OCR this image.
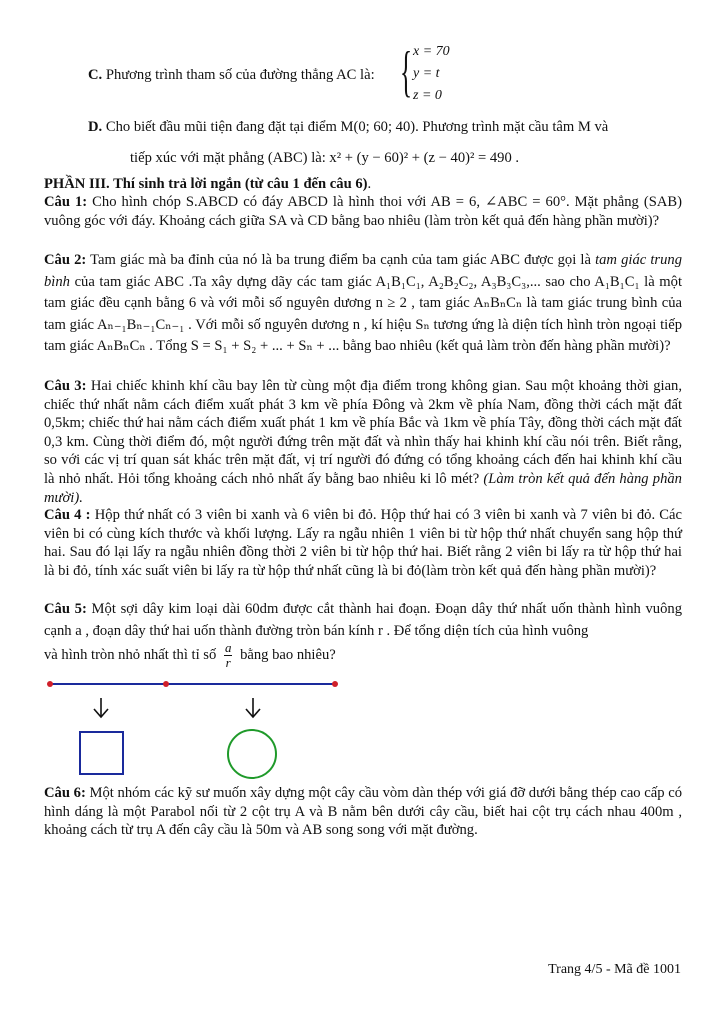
C. Phương trình tham số của đường thẳng AC là: { x = 70
y = t
z = 0
D. Cho biết đầu mũi tiện đang đặt tại điểm M(0; 60; 40). Phương trình mặt cầu tâm M và
tiếp xúc với mặt phẳng (ABC) là: x² + (y − 60)² + (z − 40)² = 490 .
PHẦN III. Thí sinh trả lời ngắn (từ câu 1 đến câu 6).
Câu 1: Cho hình chóp S.ABCD có đáy ABCD là hình thoi với AB = 6, ∠ABC = 60°. Mặt phẳng (SAB) vuông góc với đáy. Khoảng cách giữa SA và CD bằng bao nhiêu (làm tròn kết quả đến hàng phần mười)?
Câu 2: Tam giác mà ba đỉnh của nó là ba trung điểm ba cạnh của tam giác ABC được gọi là tam giác trung bình của tam giác ABC .Ta xây dựng dãy các tam giác A₁B₁C₁, A₂B₂C₂, A₃B₃C₃,... sao cho A₁B₁C₁ là một tam giác đều cạnh bằng 6 và với mỗi số nguyên dương n ≥ 2 , tam giác AₙBₙCₙ là tam giác trung bình của tam giác Aₙ₋₁Bₙ₋₁Cₙ₋₁ . Với mỗi số nguyên dương n , kí hiệu Sₙ tương ứng là diện tích hình tròn ngoại tiếp tam giác AₙBₙCₙ . Tổng S = S₁ + S₂ + ... + Sₙ + ... bằng bao nhiêu (kết quả làm tròn đến hàng phần mười)?
Câu 3: Hai chiếc khinh khí cầu bay lên từ cùng một địa điểm trong không gian. Sau một khoảng thời gian, chiếc thứ nhất nằm cách điểm xuất phát 3 km về phía Đông và 2km về phía Nam, đồng thời cách mặt đất 0,5km; chiếc thứ hai nằm cách điểm xuất phát 1 km về phía Bắc và 1km về phía Tây, đồng thời cách mặt đất 0,3 km. Cùng thời điểm đó, một người đứng trên mặt đất và nhìn thấy hai khinh khí cầu nói trên. Biết rằng, so với các vị trí quan sát khác trên mặt đất, vị trí người đó đứng có tổng khoảng cách đến hai khinh khí cầu là nhỏ nhất. Hỏi tổng khoảng cách nhỏ nhất ấy bằng bao nhiêu ki lô mét? (Làm tròn kết quả đến hàng phần mười).
Câu 4 : Hộp thứ nhất có 3 viên bi xanh và 6 viên bi đỏ. Hộp thứ hai có 3 viên bi xanh và 7 viên bi đỏ. Các viên bi có cùng kích thước và khối lượng. Lấy ra ngẫu nhiên 1 viên bi từ hộp thứ nhất chuyển sang hộp thứ hai. Sau đó lại lấy ra ngẫu nhiên đồng thời 2 viên bi từ hộp thứ hai. Biết rằng 2 viên bi lấy ra từ hộp thứ hai là bi đỏ, tính xác suất viên bi lấy ra từ hộp thứ nhất cũng là bi đỏ(làm tròn kết quả đến hàng phần mười)?
Câu 5: Một sợi dây kim loại dài 60dm được cắt thành hai đoạn. Đoạn dây thứ nhất uốn thành hình vuông cạnh a , đoạn dây thứ hai uốn thành đường tròn bán kính r . Để tổng diện tích của hình vuông
và hình tròn nhỏ nhất thì tỉ số $\frac{a}{r}$ bằng bao nhiêu?
Câu 6: Một nhóm các kỹ sư muốn xây dựng một cây cầu vòm dàn thép với giá đỡ dưới bằng thép cao cấp có hình dáng là một Parabol nối từ 2 cột trụ A và B nằm bên dưới cây cầu, biết hai cột trụ cách nhau 400m , khoảng cách từ trụ A đến cây cầu là 50m và AB song song với mặt đường.
Trang 4/5 - Mã đề 1001
